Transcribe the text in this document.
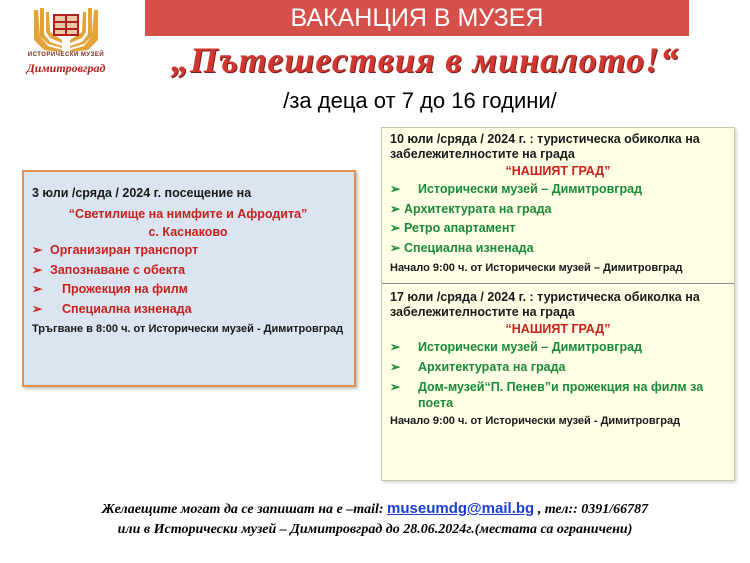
ИСТОРИЧЕСКИ МУЗЕЙ
Димитровград
ВАКАНЦИЯ В МУЗЕЯ
„Пътешествия в миналото!“
/за деца от 7 до 16 години/
3 юли /сряда / 2024 г. посещение на
“Светилище на нимфите и Афродита”
с. Каснаково
➢ Организиран транспорт
➢ Запознаване с обекта
➢ Прожекция на филм
➢ Специална изненада
Тръгване в 8:00 ч. от Исторически музей - Димитровград
10 юли /сряда / 2024 г. : туристическа обиколка на забележителностите на града
“НАШИЯТ ГРАД”
➢ Исторически музей – Димитровград
➢ Архитектурата на града
➢ Ретро апартамент
➢ Специална изненада
Начало 9:00 ч. от Исторически музей – Димитровград
17 юли /сряда / 2024 г. : туристическа обиколка на забележителностите на града
“НАШИЯТ ГРАД”
➢ Исторически музей – Димитровград
➢ Архитектурата на града
➢	Дом-музей“П. Пенев”и прожекция на филм за поета
Начало 9:00 ч. от Исторически музей - Димитровград
Желаещите могат да се запишат на е –mail: museumdg@mail.bg , тел:: 0391/66787
или в Исторически музей – Димитровград до 28.06.2024г.(местата са ограничени)
